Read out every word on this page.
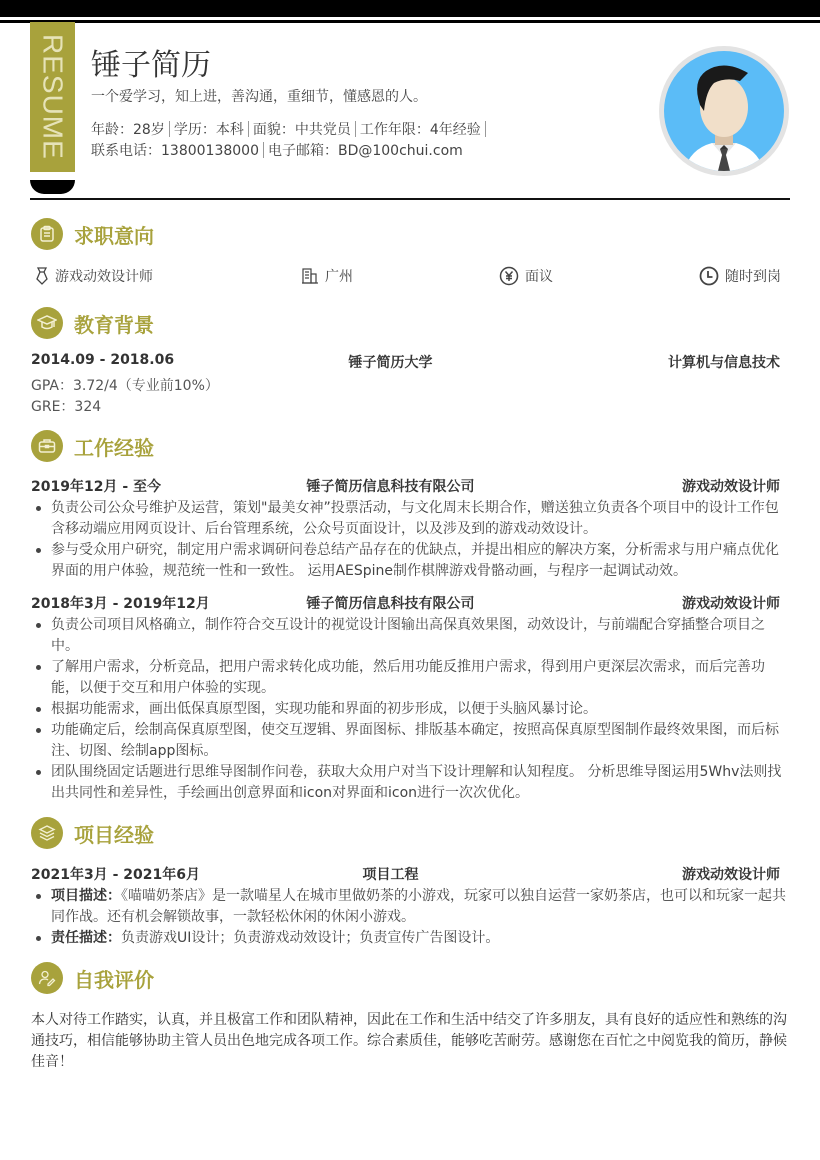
RESUME 锤子简历
一个爱学习，知上进，善沟通，重细节，懂感恩的人。
年龄：28岁 学历：本科 面貌：中共党员 工作年限：4年经验
联系电话：13800138000 电子邮箱：BD@100chui.com
求职意向
游戏动效设计师	广州	面议	随时到岗
教育背景
2014.09 - 2018.06	锤子简历大学	计算机与信息技术
GPA：3.72/4（专业前10%）
GRE：324
工作经验
2019年12月 - 至今	锤子简历信息科技有限公司	游戏动效设计师
负责公司公众号维护及运营，策划"最美女神”投票活动，与文化周末长期合作，赠送独立负责各个项目中的设计工作包含移动端应用网页设计、后台管理系统，公众号页面设计，以及涉及到的游戏动效设计。
参与受众用户研究，制定用户需求调研问卷总结产品存在的优缺点，并提出相应的解决方案，分析需求与用户痛点优化界面的用户体验，规范统一性和一致性。 运用AESpine制作棋牌游戏骨骼动画，与程序一起调试动效。
2018年3月 - 2019年12月	锤子简历信息科技有限公司	游戏动效设计师
负责公司项目风格确立，制作符合交互设计的视觉设计图输出高保真效果图，动效设计，与前端配合穿插整合项目之中。
了解用户需求，分析竞品，把用户需求转化成功能，然后用功能反推用户需求，得到用户更深层次需求，而后完善功能，以便于交互和用户体验的实现。
根据功能需求，画出低保真原型图，实现功能和界面的初步形成，以便于头脑风暴讨论。
功能确定后，绘制高保真原型图，使交互逻辑、界面图标、排版基本确定，按照高保真原型图制作最终效果图，而后标注、切图、绘制app图标。
团队围绕固定话题进行思维导图制作问卷，获取大众用户对当下设计理解和认知程度。 分析思维导图运用5Whv法则找出共同性和差异性，手绘画出创意界面和icon对界面和icon进行一次次优化。
项目经验
2021年3月 - 2021年6月	项目工程	游戏动效设计师
项目描述：《喵喵奶茶店》是一款喵星人在城市里做奶茶的小游戏，玩家可以独自运营一家奶茶店，也可以和玩家一起共同作战。还有机会解锁故事，一款轻松休闲的休闲小游戏。
责任描述：负责游戏UI设计；负责游戏动效设计；负责宣传广告图设计。
自我评价

本人对待工作踏实，认真，并且极富工作和团队精神，因此在工作和生活中结交了许多朋友，具有良好的适应性和熟练的沟通技巧，相信能够协助主管人员出色地完成各项工作。综合素质佳，能够吃苦耐劳。感谢您在百忙之中阅览我的简历，静候佳音！
